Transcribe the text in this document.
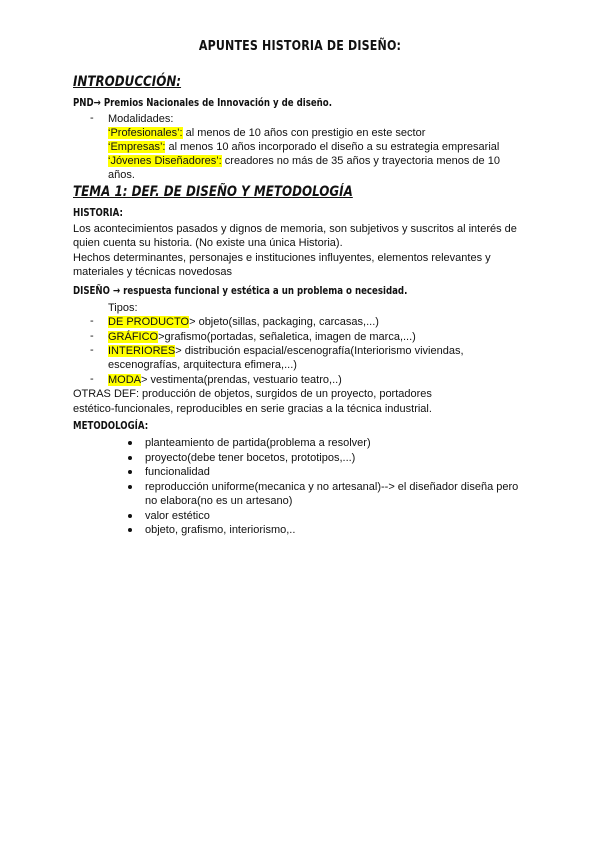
APUNTES HISTORIA DE DISEÑO:
INTRODUCCIÓN:
PND→ Premios Nacionales de Innovación y de diseño.
- Modalidades:
‘Profesionales’: al menos de 10 años con prestigio en este sector
‘Empresas’: al menos 10 años incorporado el diseño a su estrategia empresarial
‘Jóvenes Diseñadores’: creadores no más de 35 años y trayectoria menos de 10
años.
TEMA 1: DEF. DE DISEÑO Y METODOLOGÍA
HISTORIA:
Los acontecimientos pasados y dignos de memoria, son subjetivos y suscritos al interés de
quien cuenta su historia. (No existe una única Historia).
Hechos determinantes, personajes e instituciones influyentes, elementos relevantes y
materiales y técnicas novedosas
DISEÑO → respuesta funcional y estética a un problema o necesidad.
Tipos:
- DE PRODUCTO> objeto(sillas, packaging, carcasas,...)
- GRÁFICO>grafismo(portadas, señaletica, imagen de marca,...)
- INTERIORES> distribución espacial/escenografía(Interiorismo viviendas,
escenografías, arquitectura efimera,...)
- MODA> vestimenta(prendas, vestuario teatro,..)
OTRAS DEF: producción de objetos, surgidos de un proyecto, portadores
estético-funcionales, reproducibles en serie gracias a la técnica industrial.
METODOLOGÍA:
planteamiento de partida(problema a resolver)
proyecto(debe tener bocetos, prototipos,...)
funcionalidad
reproducción uniforme(mecanica y no artesanal)--> el diseñador diseña pero
no elabora(no es un artesano)
valor estético
objeto, grafismo, interiorismo,..
